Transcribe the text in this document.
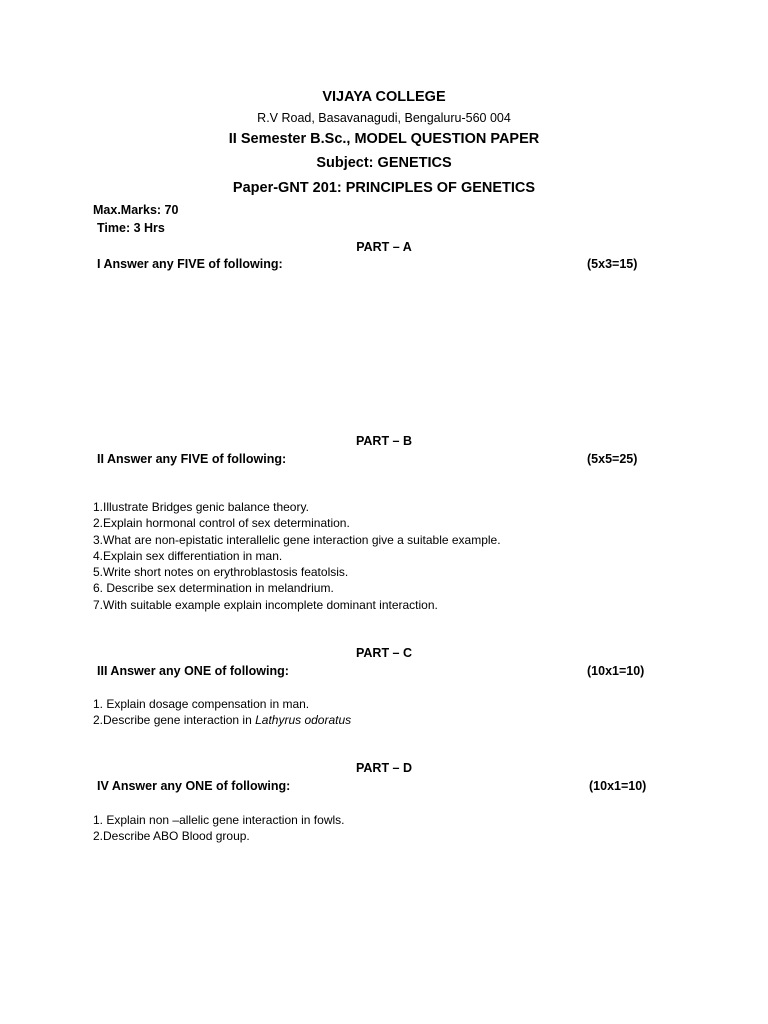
VIJAYA COLLEGE
R.V Road, Basavanagudi, Bengaluru-560 004
II Semester B.Sc., MODEL QUESTION PAPER
Subject: GENETICS
Paper-GNT 201: PRINCIPLES OF GENETICS
Max.Marks: 70
Time: 3 Hrs
PART – A
I Answer any FIVE of following:	(5x3=15)
PART – B
II Answer any FIVE of following:	(5x5=25)
1.Illustrate Bridges genic balance theory.
2.Explain hormonal control of sex determination.
3.What are non-epistatic interallelic gene interaction give a suitable example.
4.Explain sex differentiation in man.
5.Write short notes on erythroblastosis featolsis.
6. Describe sex determination in melandrium.
7.With suitable example explain incomplete dominant interaction.
PART – C
III Answer any ONE of following:	(10x1=10)
1. Explain dosage compensation in man.
2.Describe gene interaction in Lathyrus odoratus
PART – D
IV Answer any ONE of following:	(10x1=10)
1. Explain non –allelic gene interaction in fowls.
2.Describe ABO Blood group.
